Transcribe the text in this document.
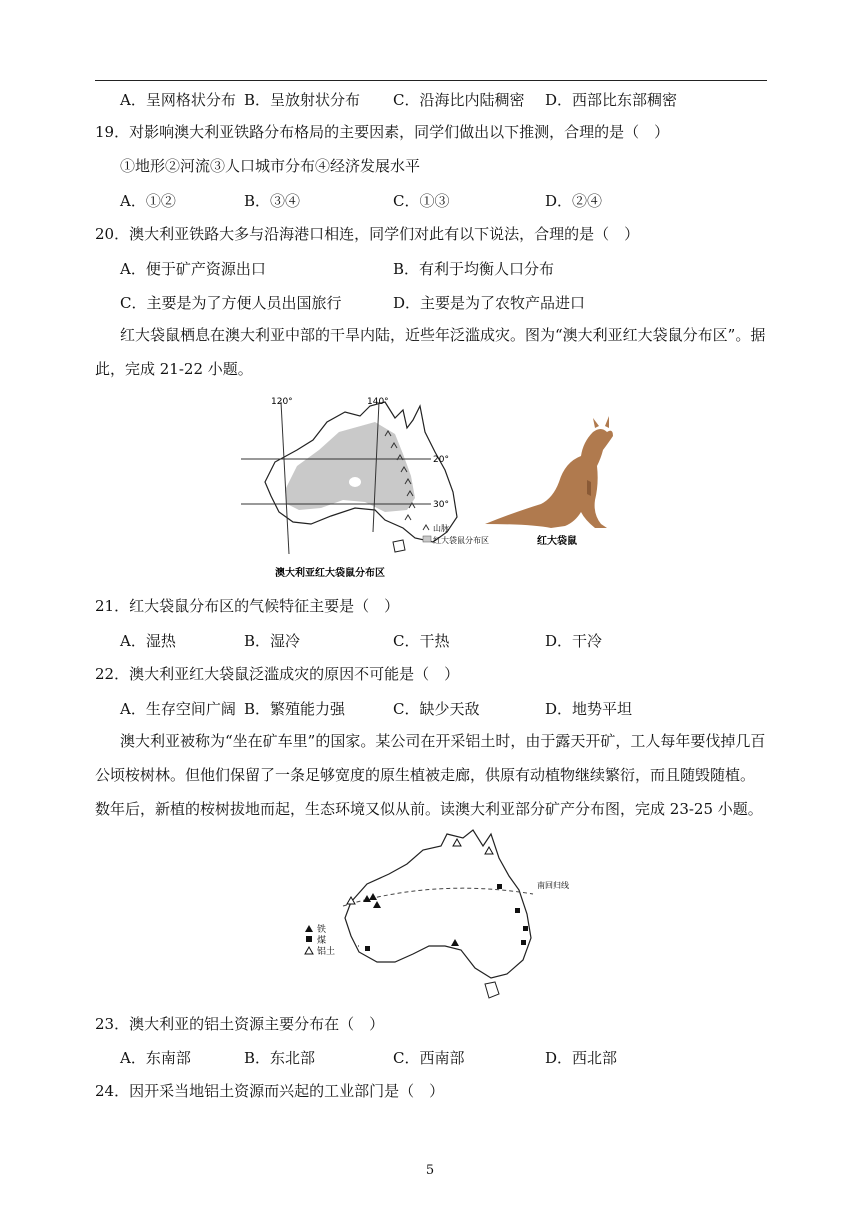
A．呈网格状分布 B．呈放射状分布 C．沿海比内陆稠密 D．西部比东部稠密
19．对影响澳大利亚铁路分布格局的主要因素，同学们做出以下推测，合理的是（　）
①地形②河流③人口城市分布④经济发展水平
A．①②	B．③④	C．①③	D．②④
20．澳大利亚铁路大多与沿海港口相连，同学们对此有以下说法，合理的是（　）
A．便于矿产资源出口	B．有利于均衡人口分布
C．主要是为了方便人员出国旅行	D．主要是为了农牧产品进口
红大袋鼠栖息在澳大利亚中部的干旱内陆，近些年泛滥成灾。图为“澳大利亚红大袋鼠分布区”。据此，完成 21-22 小题。
120°	140°
20°
30°
山脉
红大袋鼠分布区
澳大利亚红大袋鼠分布区
红大袋鼠
21．红大袋鼠分布区的气候特征主要是（　）
A．湿热	B．湿冷	C．干热	D．干冷
22．澳大利亚红大袋鼠泛滥成灾的原因不可能是（　）
A．生存空间广阔 B．繁殖能力强	C．缺少天敌	D．地势平坦
澳大利亚被称为“坐在矿车里”的国家。某公司在开采铝土时，由于露天开矿，工人每年要伐掉几百公顷桉树林。但他们保留了一条足够宽度的原生植被走廊，供原有动植物继续繁衍，而且随毁随植。数年后，新植的桉树拔地而起，生态环境又似从前。读澳大利亚部分矿产分布图，完成 23-25 小题。
南回归线
铁
煤
铝土
23．澳大利亚的铝土资源主要分布在（　）
A．东南部	B．东北部	C．西南部	D．西北部
24．因开采当地铝土资源而兴起的工业部门是（　）
5
